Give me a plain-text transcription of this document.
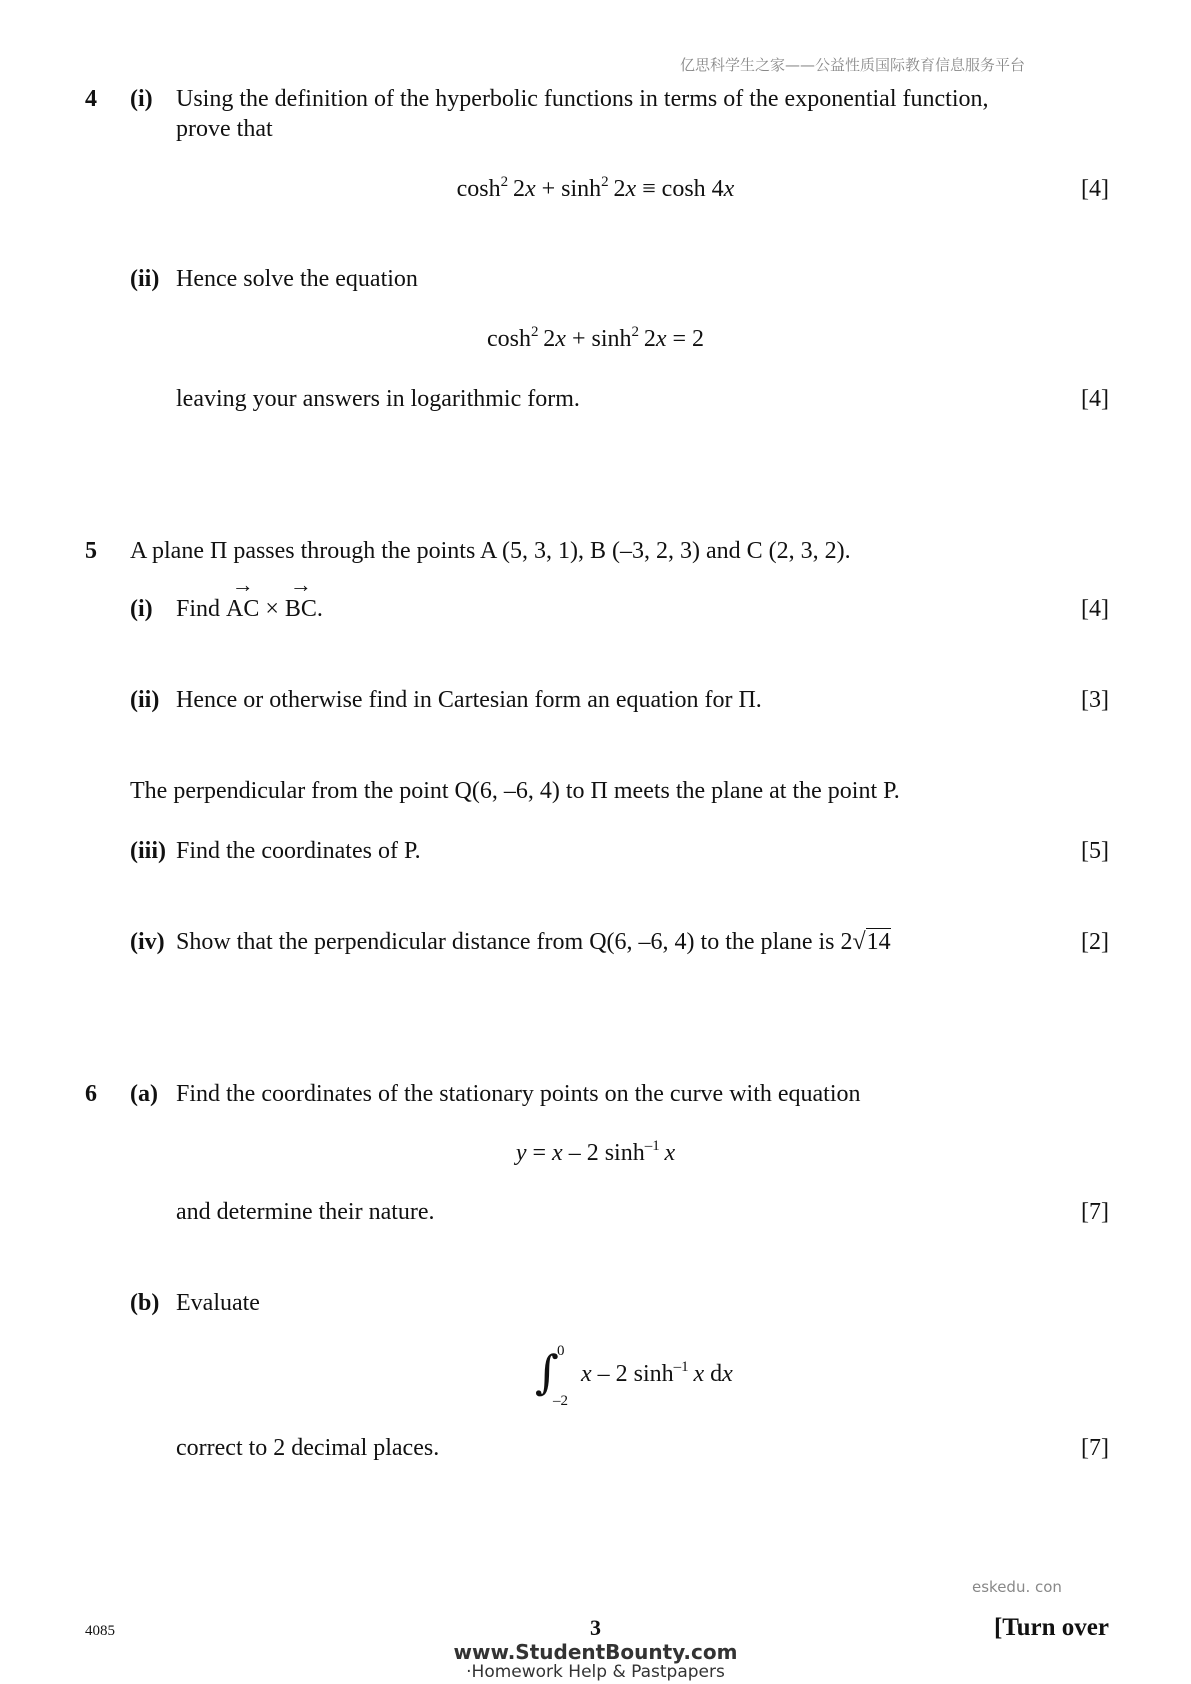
亿思科学生之家——公益性质国际教育信息服务平台
4 (i) Using the definition of the hyperbolic functions in terms of the exponential function,
prove that
$\cosh^2 2x + \sinh^2 2x \equiv \cosh 4x$	[4]
(ii) Hence solve the equation
$\cosh^2 2x + \sinh^2 2x = 2$
leaving your answers in logarithmic form.	[4]
5 A plane Π passes through the points A (5, 3, 1), B (–3, 2, 3) and C (2, 3, 2).
(i) Find → AC × → BC.	[4]
(ii) Hence or otherwise find in Cartesian form an equation for Π.	[3]
The perpendicular from the point Q(6, –6, 4) to Π meets the plane at the point P.
(iii) Find the coordinates of P.	[5]
(iv) Show that the perpendicular distance from Q(6, –6, 4) to the plane is 2√14	[2]
6 (a) Find the coordinates of the stationary points on the curve with equation
y = x – 2 $\sinh^{-1} x$
and determine their nature.	[7]
(b) Evaluate
∫
0
–2
x – 2 $\sinh^{-1} x$ dx
correct to 2 decimal places.	[7]
eskedu. con
4085	3	[Turn over
www.StudentBounty.com
·Homework Help & Pastpapers
